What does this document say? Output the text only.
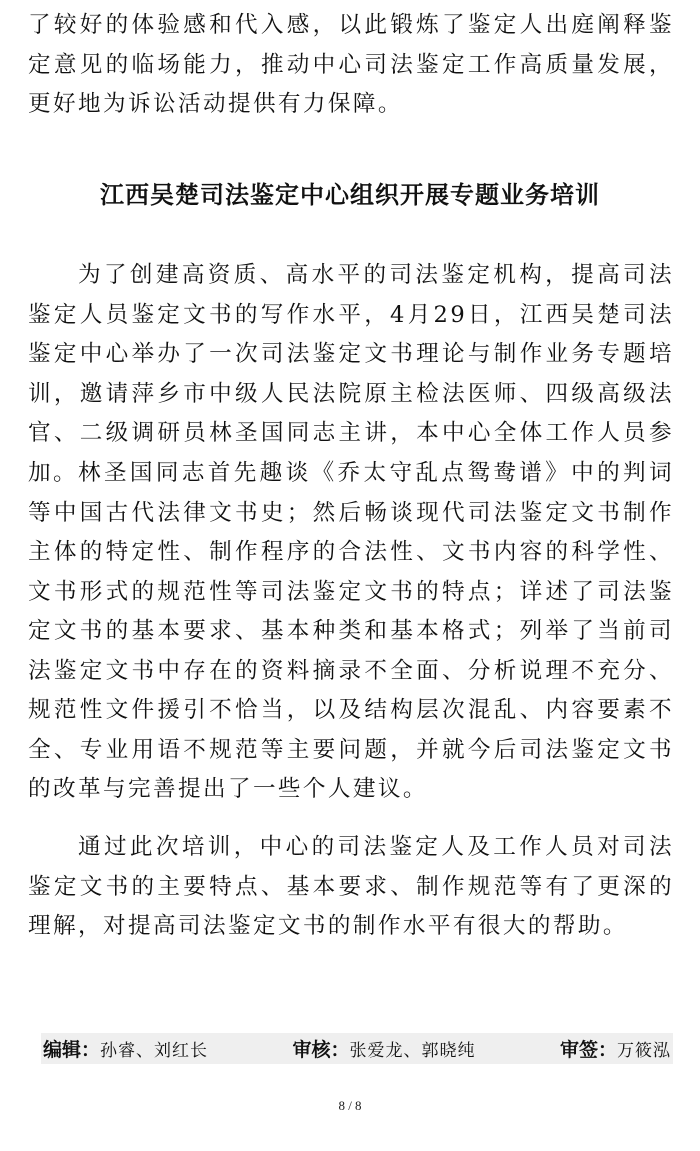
了较好的体验感和代入感，以此锻炼了鉴定人出庭阐释鉴定意见的临场能力，推动中心司法鉴定工作高质量发展，更好地为诉讼活动提供有力保障。

江西吴楚司法鉴定中心组织开展专题业务培训

为了创建高资质、高水平的司法鉴定机构，提高司法鉴定人员鉴定文书的写作水平，4月29日，江西吴楚司法鉴定中心举办了一次司法鉴定文书理论与制作业务专题培训，邀请萍乡市中级人民法院原主检法医师、四级高级法官、二级调研员林圣国同志主讲，本中心全体工作人员参加。 林圣国同志首先趣谈《乔太守乱点鸳鸯谱》中的判词等中国古代法律文书史；然后畅谈现代司法鉴定文书制作主体的特定性、制作程序的合法性、文书内容的科学性、文书形式的规范性等司法鉴定文书的特点；详述了司法鉴定文书的基本要求、基本种类和基本格式；列举了当前司法鉴定文书中存在的资料摘录不全面、分析说理不充分、规范性文件援引不恰当，以及结构层次混乱、内容要素不全、专业用语不规范等主要问题，并就今后司法鉴定文书的改革与完善提出了一些个人建议。

通过此次培训，中心的司法鉴定人及工作人员对司法鉴定文书的主要特点、基本要求、制作规范等有了更深的理解，对提高司法鉴定文书的制作水平有很大的帮助。

编辑： 孙睿、刘红长	审核： 张爱龙、郭晓纯	审签： 万筱泓
8 / 8
